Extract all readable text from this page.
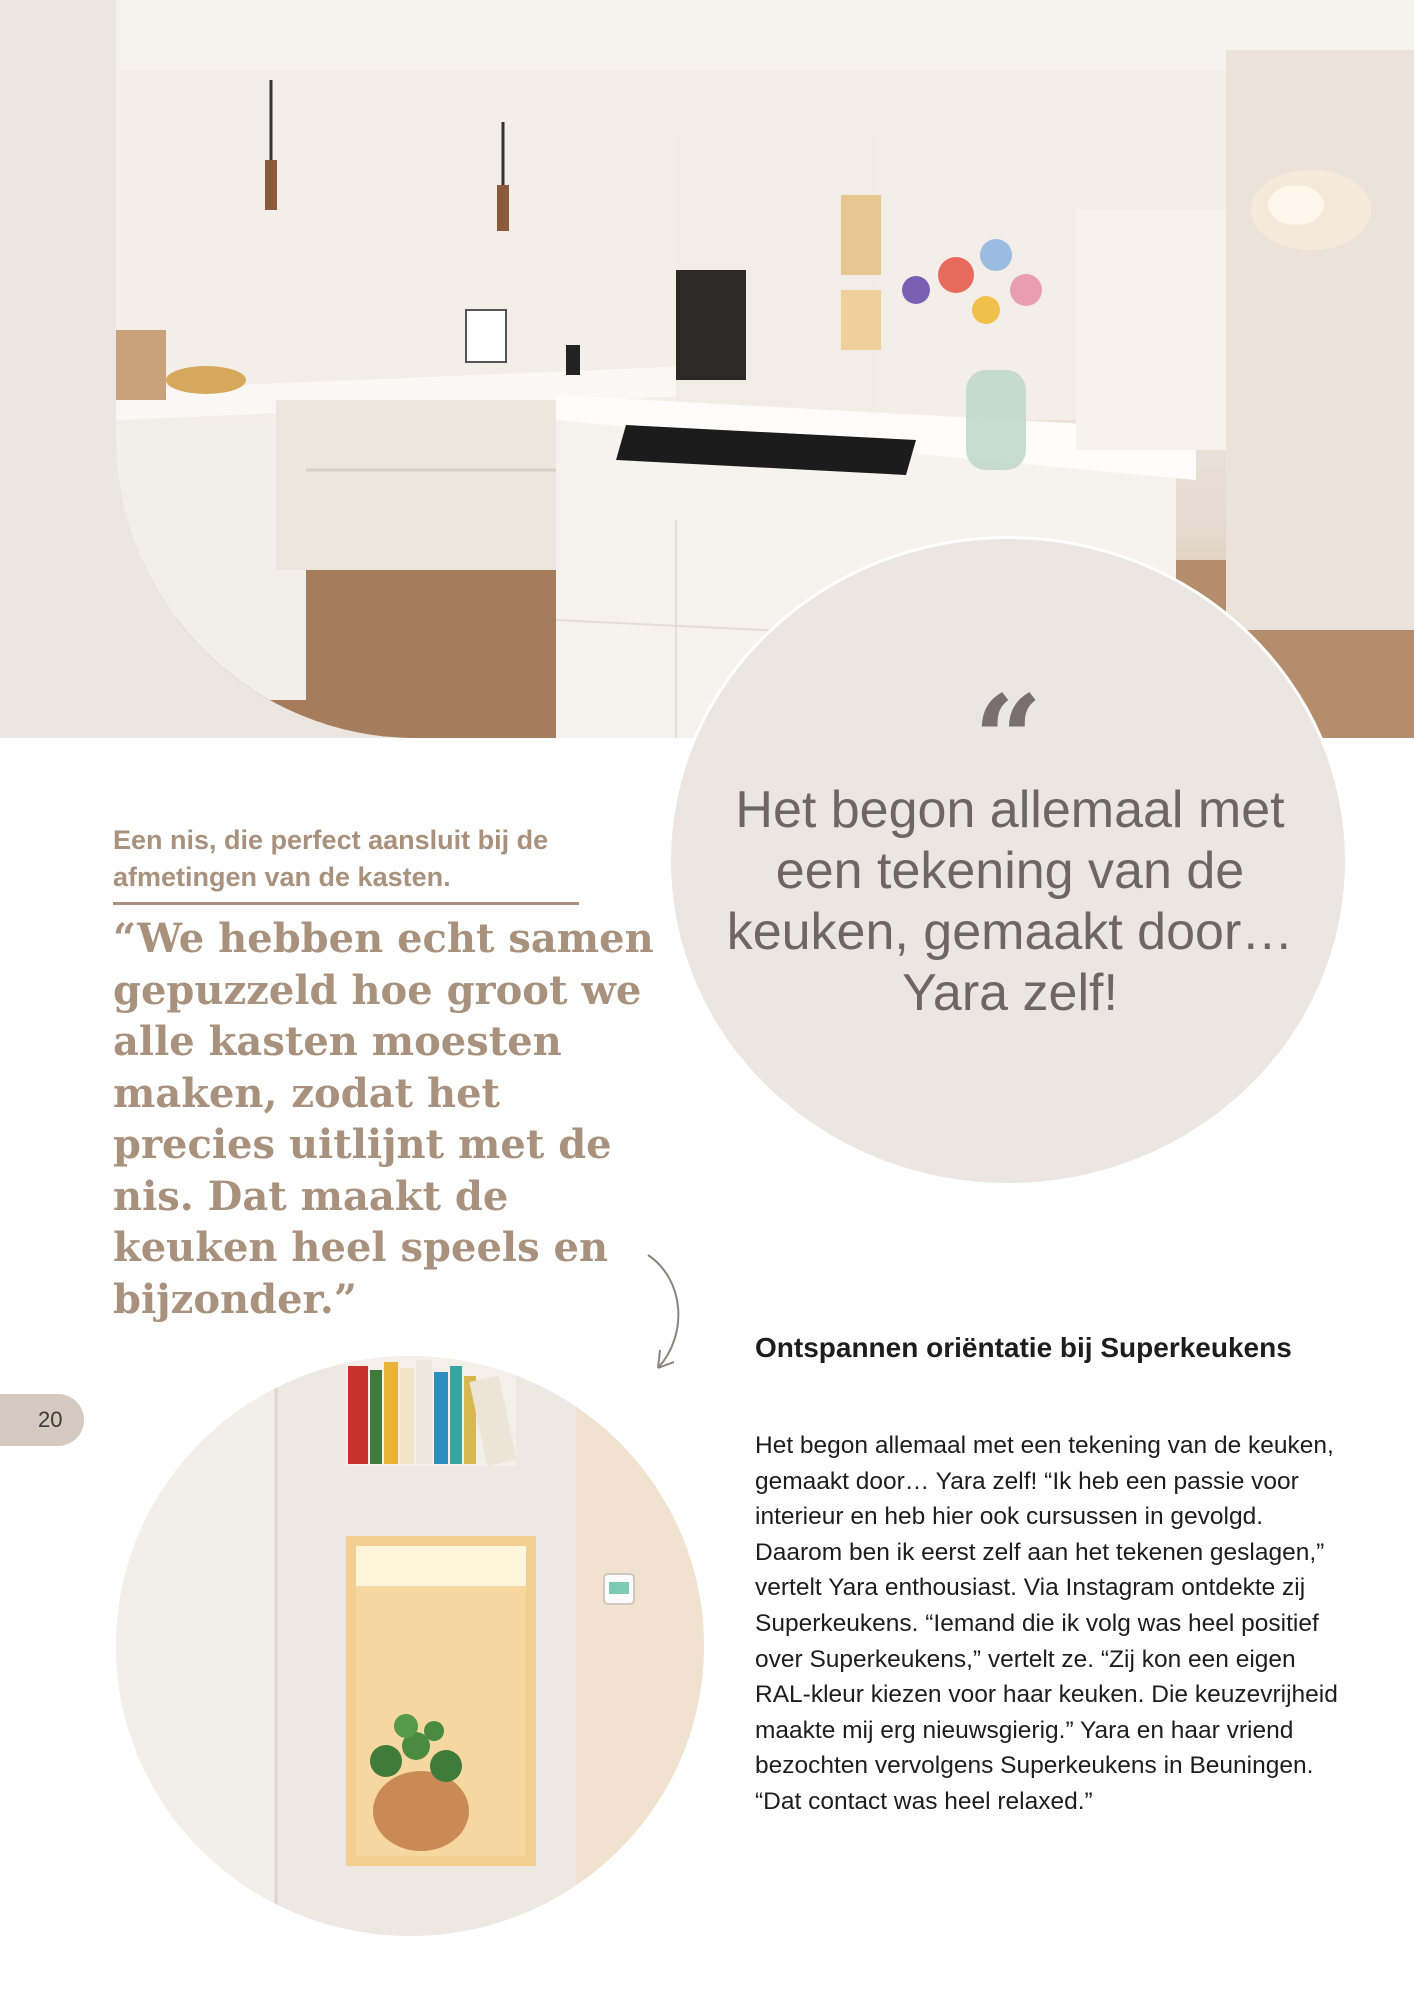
“
Het begon allemaal met een tekening van de keuken, gemaakt door… Yara zelf!
Een nis, die perfect aansluit bij de afmetingen van de kasten.
“We hebben echt samen gepuzzeld hoe groot we alle kasten moesten maken, zodat het precies uitlijnt met de nis. Dat maakt de keuken heel speels en bijzonder.”
20
Ontspannen oriëntatie bij Superkeukens

Het begon allemaal met een tekening van de keuken, gemaakt door… Yara zelf! “Ik heb een passie voor interieur en heb hier ook cursussen in gevolgd. Daarom ben ik eerst zelf aan het tekenen geslagen,” vertelt Yara enthousiast. Via Instagram ontdekte zij Superkeukens. “Iemand die ik volg was heel positief over Superkeukens,” vertelt ze. “Zij kon een eigen RAL-kleur kiezen voor haar keuken. Die keuzevrijheid maakte mij erg nieuwsgierig.” Yara en haar vriend bezochten vervolgens Superkeukens in Beuningen. “Dat contact was heel relaxed.”
